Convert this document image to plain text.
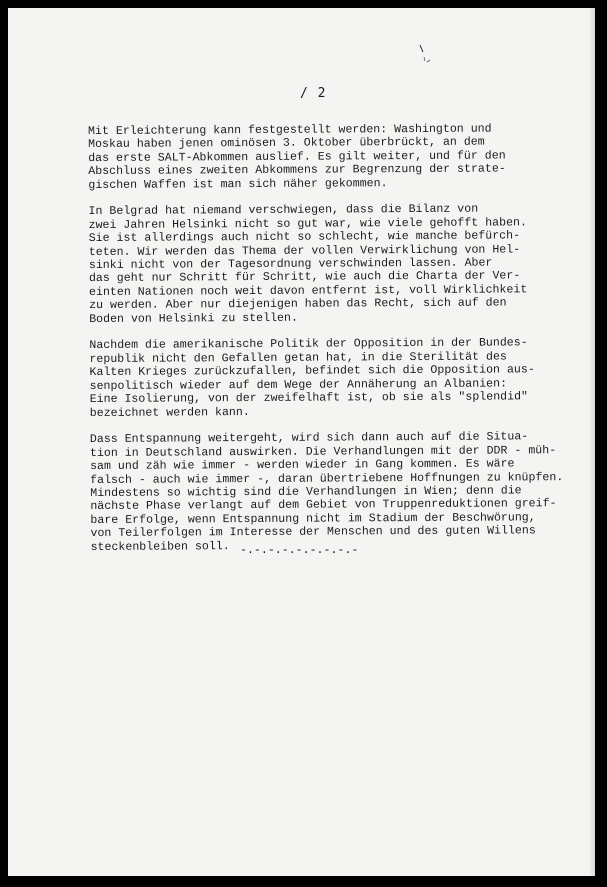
/ 2

Mit Erleichterung kann festgestellt werden: Washington und
Moskau haben jenen ominösen 3. Oktober überbrückt, an dem
das erste SALT-Abkommen auslief. Es gilt weiter, und für den
Abschluss eines zweiten Abkommens zur Begrenzung der strate-
gischen Waffen ist man sich näher gekommen.

In Belgrad hat niemand verschwiegen, dass die Bilanz von
zwei Jahren Helsinki nicht so gut war, wie viele gehofft haben.
Sie ist allerdings auch nicht so schlecht, wie manche befürch-
teten. Wir werden das Thema der vollen Verwirklichung von Hel-
sinki nicht von der Tagesordnung verschwinden lassen. Aber
das geht nur Schritt für Schritt, wie auch die Charta der Ver-
einten Nationen noch weit davon entfernt ist, voll Wirklichkeit
zu werden. Aber nur diejenigen haben das Recht, sich auf den
Boden von Helsinki zu stellen.

Nachdem die amerikanische Politik der Opposition in der Bundes-
republik nicht den Gefallen getan hat, in die Sterilität des
Kalten Krieges zurückzufallen, befindet sich die Opposition aus-
senpolitisch wieder auf dem Wege der Annäherung an Albanien:
Eine Isolierung, von der zweifelhaft ist, ob sie als "splendid"
bezeichnet werden kann.

Dass Entspannung weitergeht, wird sich dann auch auf die Situa-
tion in Deutschland auswirken. Die Verhandlungen mit der DDR - müh-
sam und zäh wie immer - werden wieder in Gang kommen. Es wäre
falsch - auch wie immer -, daran übertriebene Hoffnungen zu knüpfen.
Mindestens so wichtig sind die Verhandlungen in Wien; denn die
nächste Phase verlangt auf dem Gebiet von Truppenreduktionen greif-
bare Erfolge, wenn Entspannung nicht im Stadium der Beschwörung,
von Teilerfolgen im Interesse der Menschen und des guten Willens
steckenbleiben soll. -.-.-.-.-.-.-.-.-
